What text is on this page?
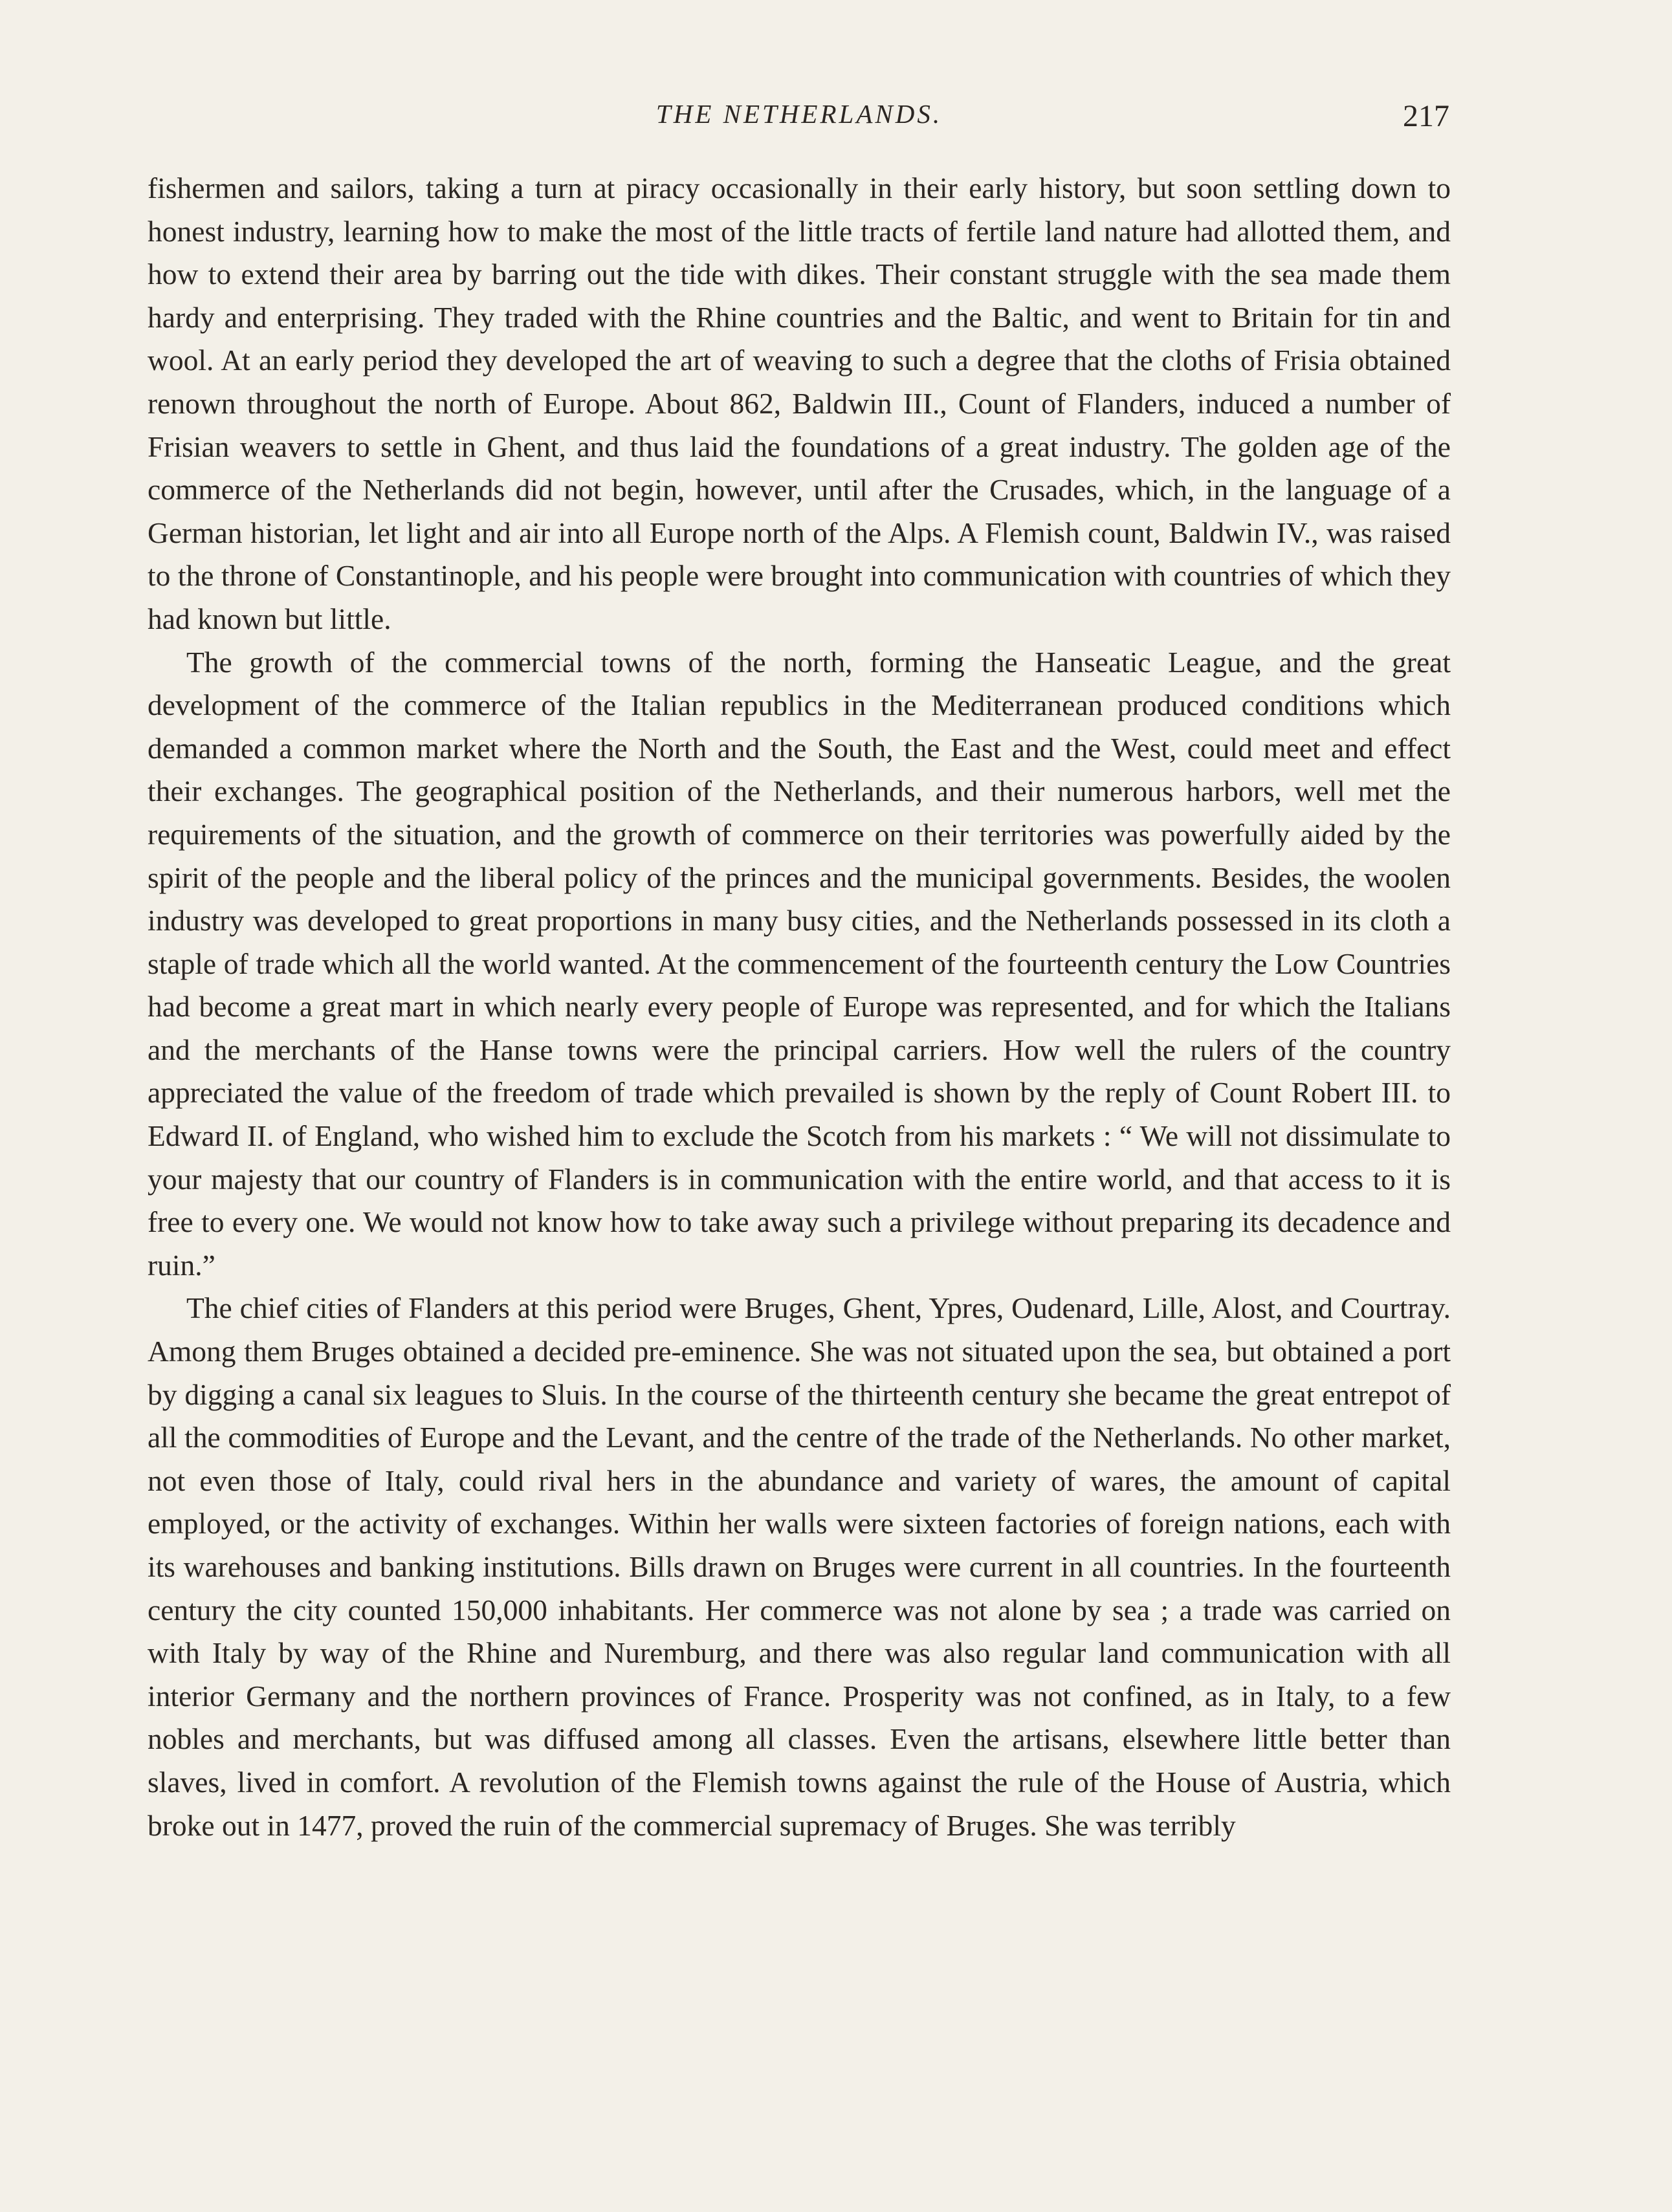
THE NETHERLANDS.	217

fishermen and sailors, taking a turn at piracy occasionally in their early history, but soon settling down to honest industry, learning how to make the most of the little tracts of fertile land nature had allotted them, and how to extend their area by barring out the tide with dikes. Their constant struggle with the sea made them hardy and enterprising. They traded with the Rhine countries and the Baltic, and went to Britain for tin and wool. At an early period they developed the art of weaving to such a degree that the cloths of Frisia obtained renown throughout the north of Europe. About 862, Baldwin III., Count of Flanders, induced a number of Frisian weavers to settle in Ghent, and thus laid the foundations of a great industry. The golden age of the commerce of the Netherlands did not begin, however, until after the Crusades, which, in the language of a German historian, let light and air into all Europe north of the Alps. A Flemish count, Baldwin IV., was raised to the throne of Constantinople, and his people were brought into communication with countries of which they had known but little.

The growth of the commercial towns of the north, forming the Hanseatic League, and the great development of the commerce of the Italian republics in the Mediterranean produced conditions which demanded a common market where the North and the South, the East and the West, could meet and effect their exchanges. The geographical position of the Netherlands, and their numerous harbors, well met the requirements of the situation, and the growth of commerce on their territories was powerfully aided by the spirit of the people and the liberal policy of the princes and the municipal governments. Besides, the woolen industry was developed to great proportions in many busy cities, and the Netherlands possessed in its cloth a staple of trade which all the world wanted. At the commencement of the fourteenth century the Low Countries had become a great mart in which nearly every people of Europe was represented, and for which the Italians and the merchants of the Hanse towns were the principal carriers. How well the rulers of the country appreciated the value of the freedom of trade which prevailed is shown by the reply of Count Robert III. to Edward II. of England, who wished him to exclude the Scotch from his markets : “ We will not dissimulate to your majesty that our country of Flanders is in communication with the entire world, and that access to it is free to every one. We would not know how to take away such a privilege without preparing its decadence and ruin.”

The chief cities of Flanders at this period were Bruges, Ghent, Ypres, Oudenard, Lille, Alost, and Courtray. Among them Bruges obtained a decided pre-eminence. She was not situated upon the sea, but obtained a port by digging a canal six leagues to Sluis. In the course of the thirteenth century she became the great entrepot of all the commodities of Europe and the Levant, and the centre of the trade of the Netherlands. No other market, not even those of Italy, could rival hers in the abundance and variety of wares, the amount of capital employed, or the activity of exchanges. Within her walls were sixteen factories of foreign nations, each with its warehouses and banking institutions. Bills drawn on Bruges were current in all countries. In the fourteenth century the city counted 150,000 inhabitants. Her commerce was not alone by sea ; a trade was carried on with Italy by way of the Rhine and Nuremburg, and there was also regular land communication with all interior Germany and the northern provinces of France. Prosperity was not confined, as in Italy, to a few nobles and merchants, but was diffused among all classes. Even the artisans, elsewhere little better than slaves, lived in comfort. A revolution of the Flemish towns against the rule of the House of Austria, which broke out in 1477, proved the ruin of the commercial supremacy of Bruges. She was terribly
